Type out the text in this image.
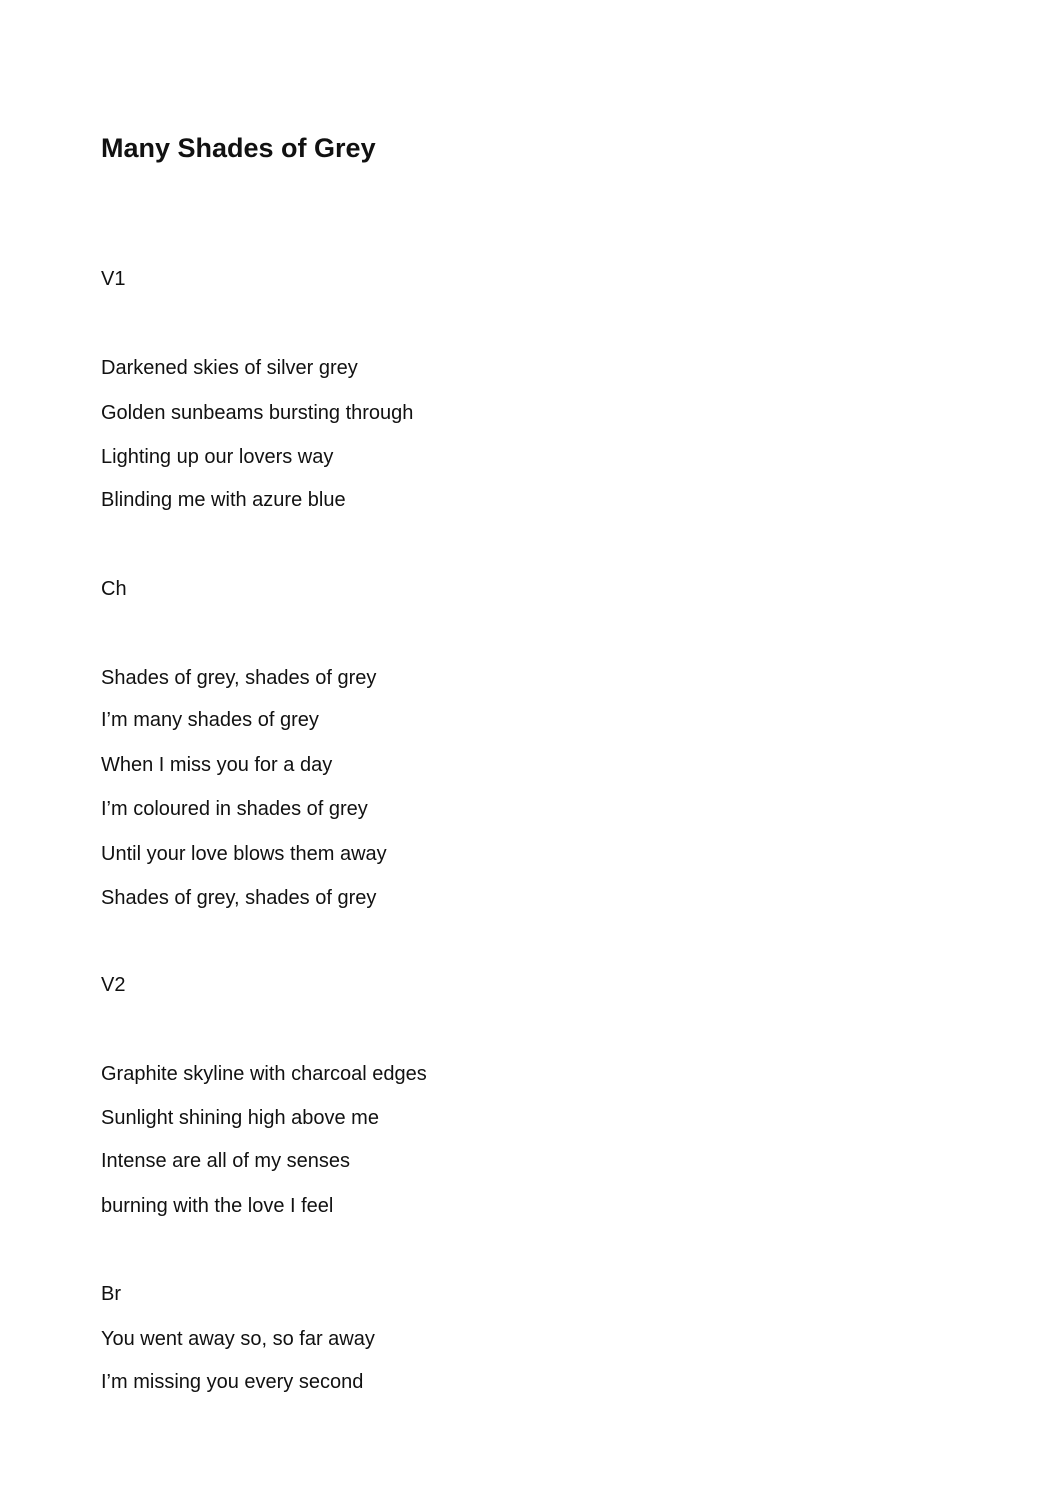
Many Shades of Grey

V1

Darkened skies of silver grey

Golden sunbeams bursting through

Lighting up our lovers way

Blinding me with azure blue

Ch

Shades of grey, shades of grey

I’m many shades of grey

When I miss you for a day

I’m coloured in shades of grey

Until your love blows them away

Shades of grey, shades of grey

V2

Graphite skyline with charcoal edges

Sunlight shining high above me

Intense are all of my senses

burning with the love I feel

Br

You went away so, so far away

I’m missing you every second
